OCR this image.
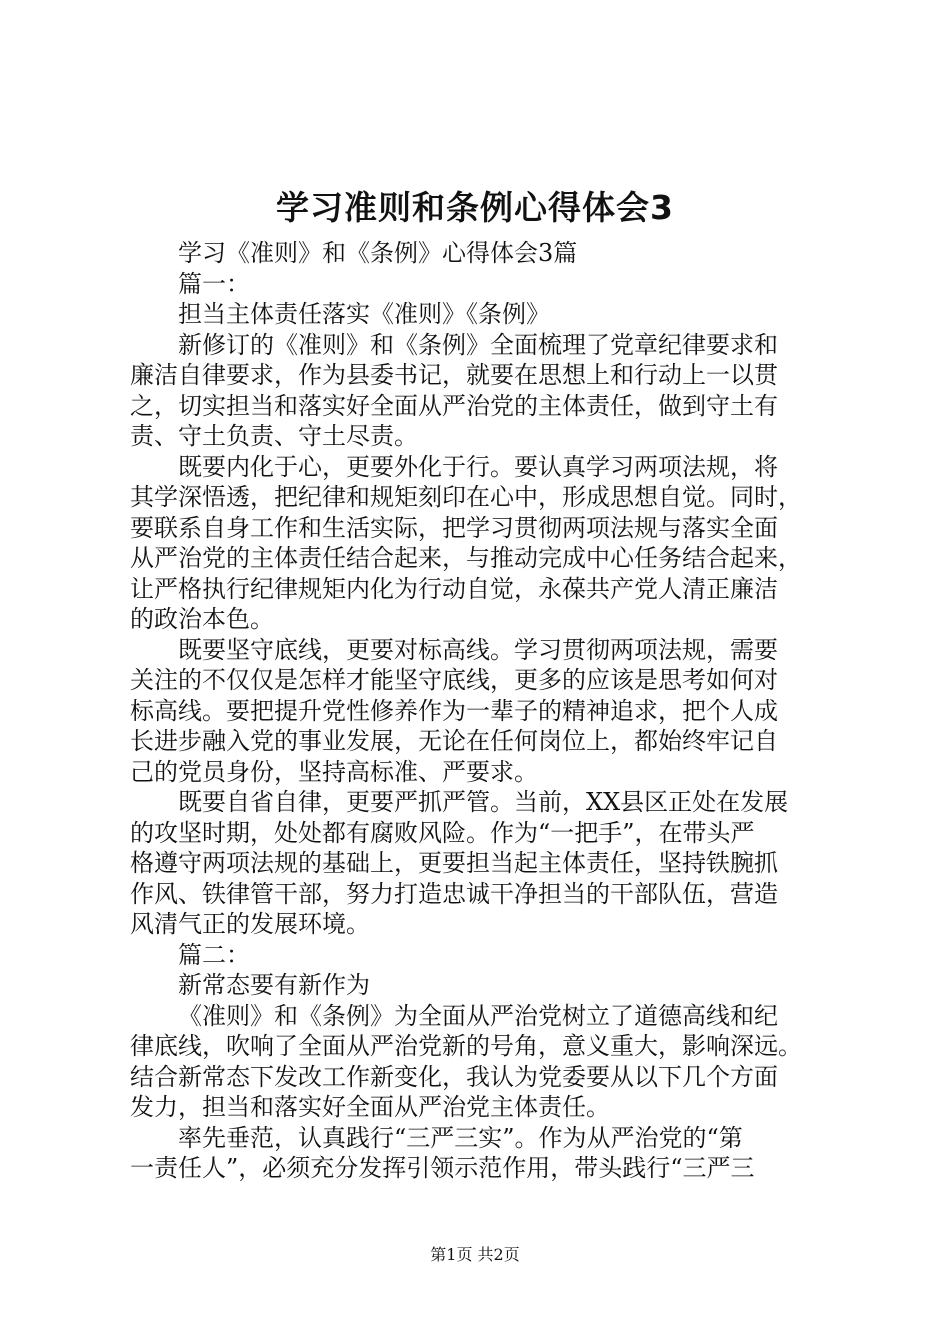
学习准则和条例心得体会3
学习《准则》和《条例》心得体会3篇
篇一：
担当主体责任落实《准则》《条例》
新修订的《准则》和《条例》全面梳理了党章纪律要求和
廉洁自律要求，作为县委书记，就要在思想上和行动上一以贯
之，切实担当和落实好全面从严治党的主体责任，做到守土有
责、守土负责、守土尽责。
既要内化于心，更要外化于行。要认真学习两项法规，将
其学深悟透，把纪律和规矩刻印在心中，形成思想自觉。同时，
要联系自身工作和生活实际，把学习贯彻两项法规与落实全面
从严治党的主体责任结合起来，与推动完成中心任务结合起来，
让严格执行纪律规矩内化为行动自觉，永葆共产党人清正廉洁
的政治本色。
既要坚守底线，更要对标高线。学习贯彻两项法规，需要
关注的不仅仅是怎样才能坚守底线，更多的应该是思考如何对
标高线。要把提升党性修养作为一辈子的精神追求，把个人成
长进步融入党的事业发展，无论在任何岗位上，都始终牢记自
己的党员身份，坚持高标准、严要求。
既要自省自律，更要严抓严管。当前，XX县区正处在发展
的攻坚时期，处处都有腐败风险。作为“一把手”，在带头严
格遵守两项法规的基础上，更要担当起主体责任，坚持铁腕抓
作风、铁律管干部，努力打造忠诚干净担当的干部队伍，营造
风清气正的发展环境。
篇二：
新常态要有新作为
《准则》和《条例》为全面从严治党树立了道德高线和纪
律底线，吹响了全面从严治党新的号角，意义重大，影响深远。
结合新常态下发改工作新变化，我认为党委要从以下几个方面
发力，担当和落实好全面从严治党主体责任。
率先垂范，认真践行“三严三实”。作为从严治党的“第
一责任人”，必须充分发挥引领示范作用，带头践行“三严三
第1页 共2页
